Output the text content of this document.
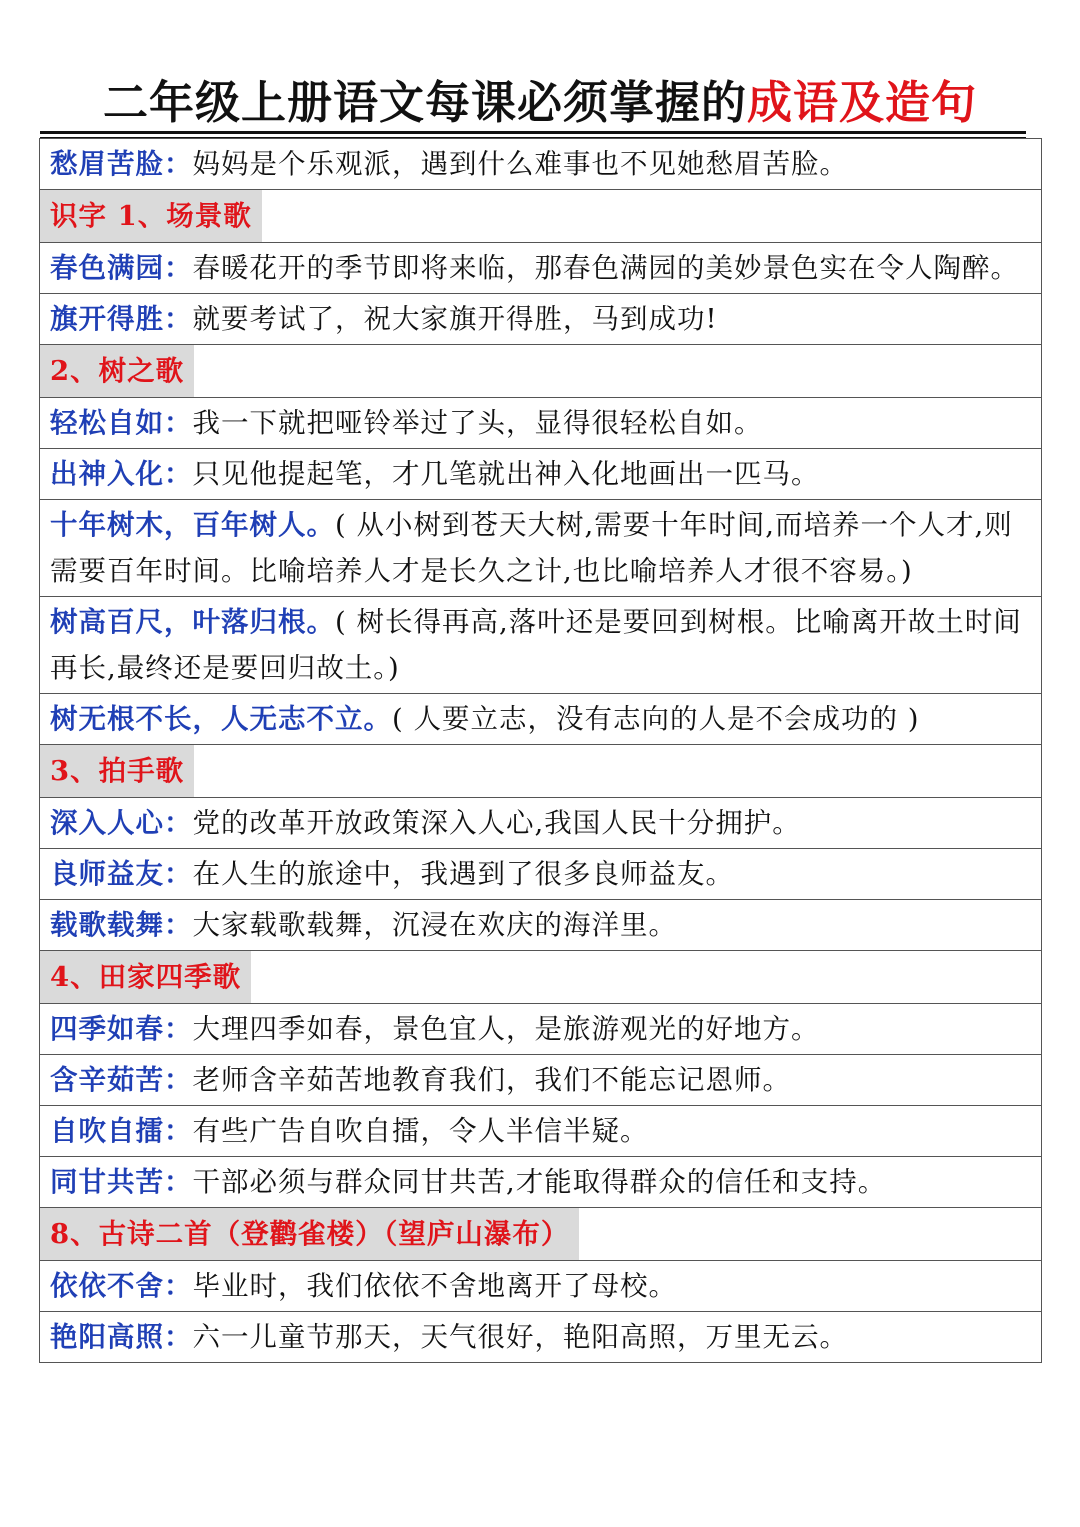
二年级上册语文每课必须掌握的成语及造句
愁眉苦脸：妈妈是个乐观派，遇到什么难事也不见她愁眉苦脸。
识字 1、场景歌
春色满园：春暖花开的季节即将来临，那春色满园的美妙景色实在令人陶醉。
旗开得胜：就要考试了，祝大家旗开得胜，马到成功!
2、树之歌
轻松自如：我一下就把哑铃举过了头，显得很轻松自如。
出神入化：只见他提起笔，才几笔就出神入化地画出一匹马。
十年树木，百年树人。( 从小树到苍天大树,需要十年时间,而培养一个人才,则需要百年时间。比喻培养人才是长久之计,也比喻培养人才很不容易。)
树高百尺，叶落归根。( 树长得再高,落叶还是要回到树根。比喻离开故土时间再长,最终还是要回归故土。)
树无根不长，人无志不立。( 人要立志，没有志向的人是不会成功的 )
3、拍手歌
深入人心：党的改革开放政策深入人心,我国人民十分拥护。
良师益友：在人生的旅途中，我遇到了很多良师益友。
载歌载舞：大家载歌载舞，沉浸在欢庆的海洋里。
4、田家四季歌
四季如春：大理四季如春，景色宜人，是旅游观光的好地方。
含辛茹苦：老师含辛茹苦地教育我们，我们不能忘记恩师。
自吹自擂：有些广告自吹自擂，令人半信半疑。
同甘共苦：干部必须与群众同甘共苦,才能取得群众的信任和支持。
8、古诗二首（登鹳雀楼）（望庐山瀑布）
依依不舍：毕业时，我们依依不舍地离开了母校。
艳阳高照：六一儿童节那天，天气很好，艳阳高照，万里无云。
